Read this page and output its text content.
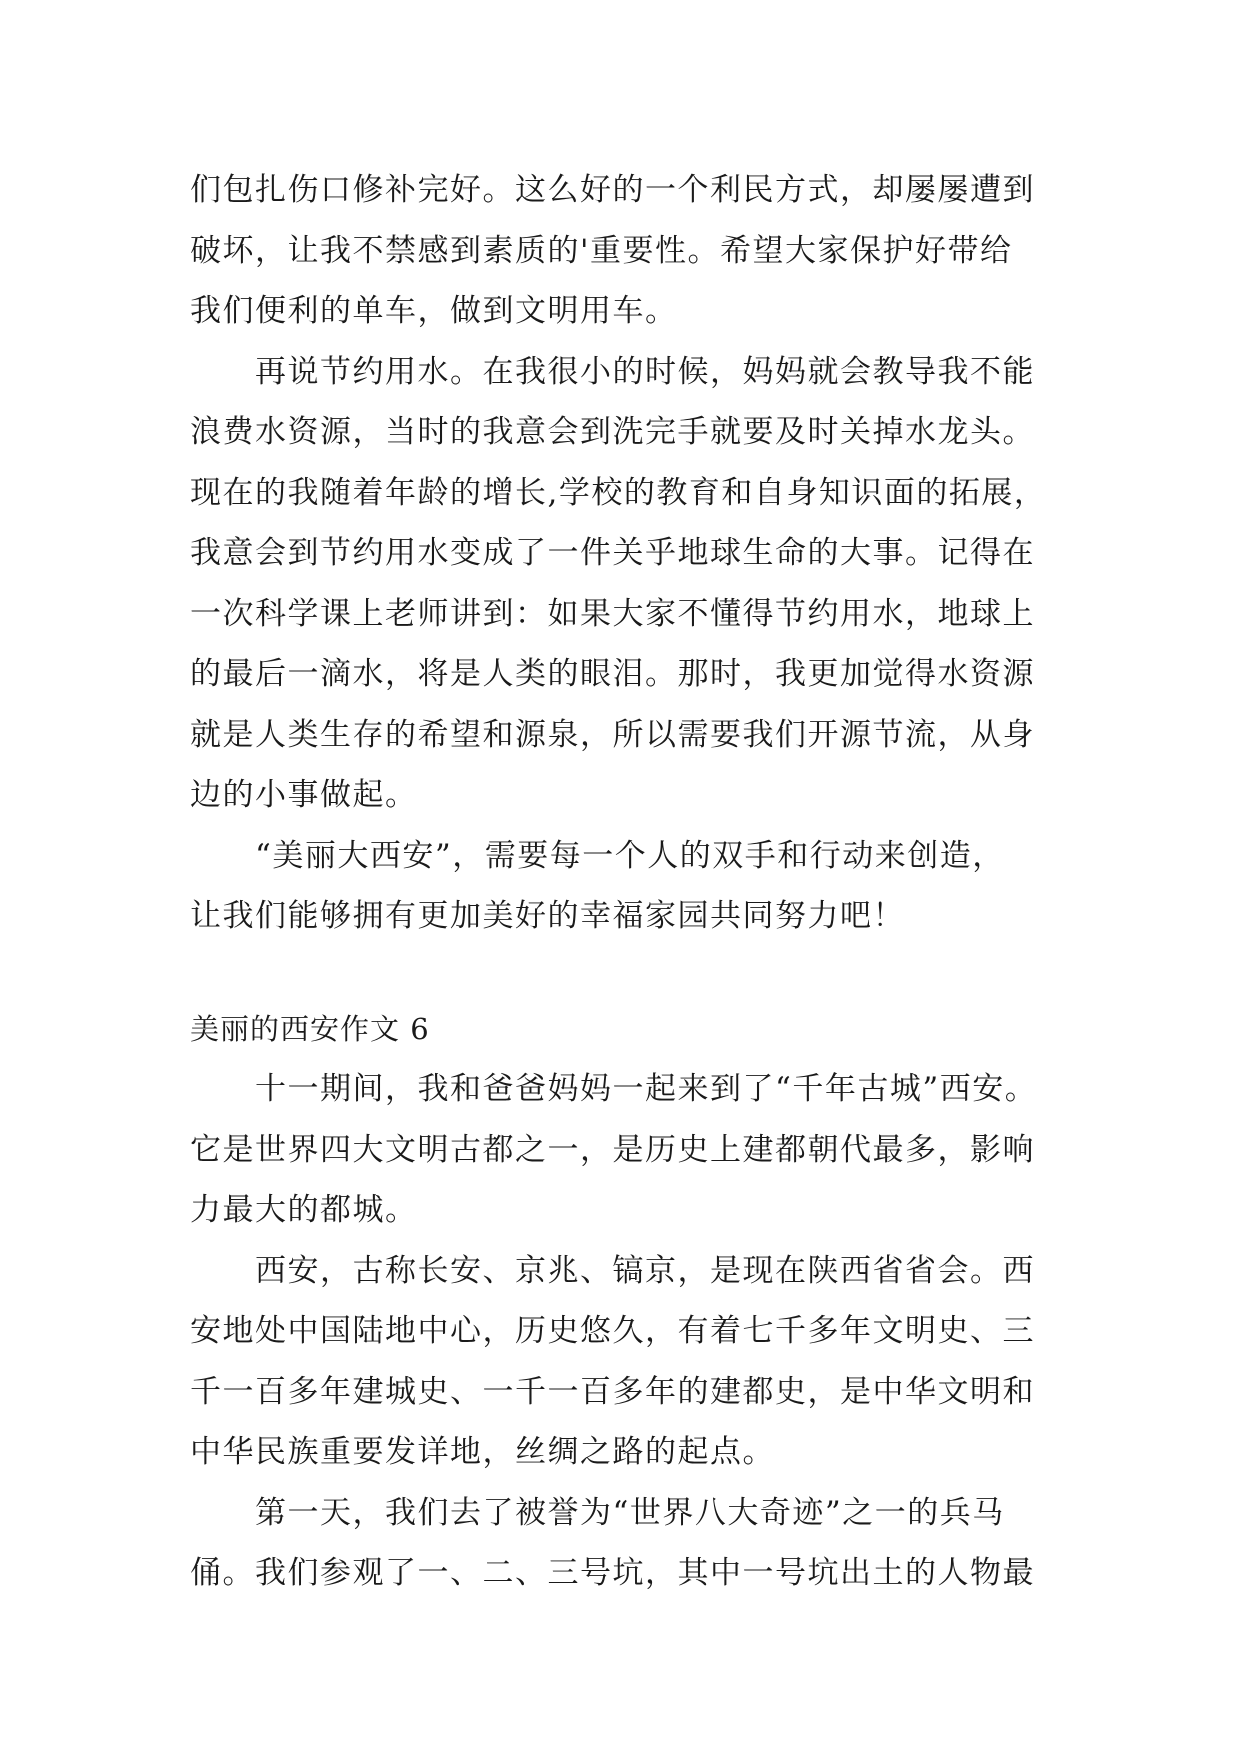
们包扎伤口修补完好。这么好的一个利民方式，却屡屡遭到
破坏，让我不禁感到素质的'重要性。希望大家保护好带给
我们便利的单车，做到文明用车。
　　再说节约用水。在我很小的时候，妈妈就会教导我不能
浪费水资源，当时的我意会到洗完手就要及时关掉水龙头。
现在的我随着年龄的增长,学校的教育和自身知识面的拓展，
我意会到节约用水变成了一件关乎地球生命的大事。记得在
一次科学课上老师讲到：如果大家不懂得节约用水，地球上
的最后一滴水，将是人类的眼泪。那时，我更加觉得水资源
就是人类生存的希望和源泉，所以需要我们开源节流，从身
边的小事做起。
　　“美丽大西安”，需要每一个人的双手和行动来创造，
让我们能够拥有更加美好的幸福家园共同努力吧！
美丽的西安作文 6
　　十一期间，我和爸爸妈妈一起来到了“千年古城”西安。
它是世界四大文明古都之一，是历史上建都朝代最多，影响
力最大的都城。
　　西安，古称长安、京兆、镐京，是现在陕西省省会。西
安地处中国陆地中心，历史悠久，有着七千多年文明史、三
千一百多年建城史、一千一百多年的建都史，是中华文明和
中华民族重要发详地，丝绸之路的起点。
　　第一天，我们去了被誉为“世界八大奇迹”之一的兵马
俑。我们参观了一、二、三号坑，其中一号坑出土的人物最
